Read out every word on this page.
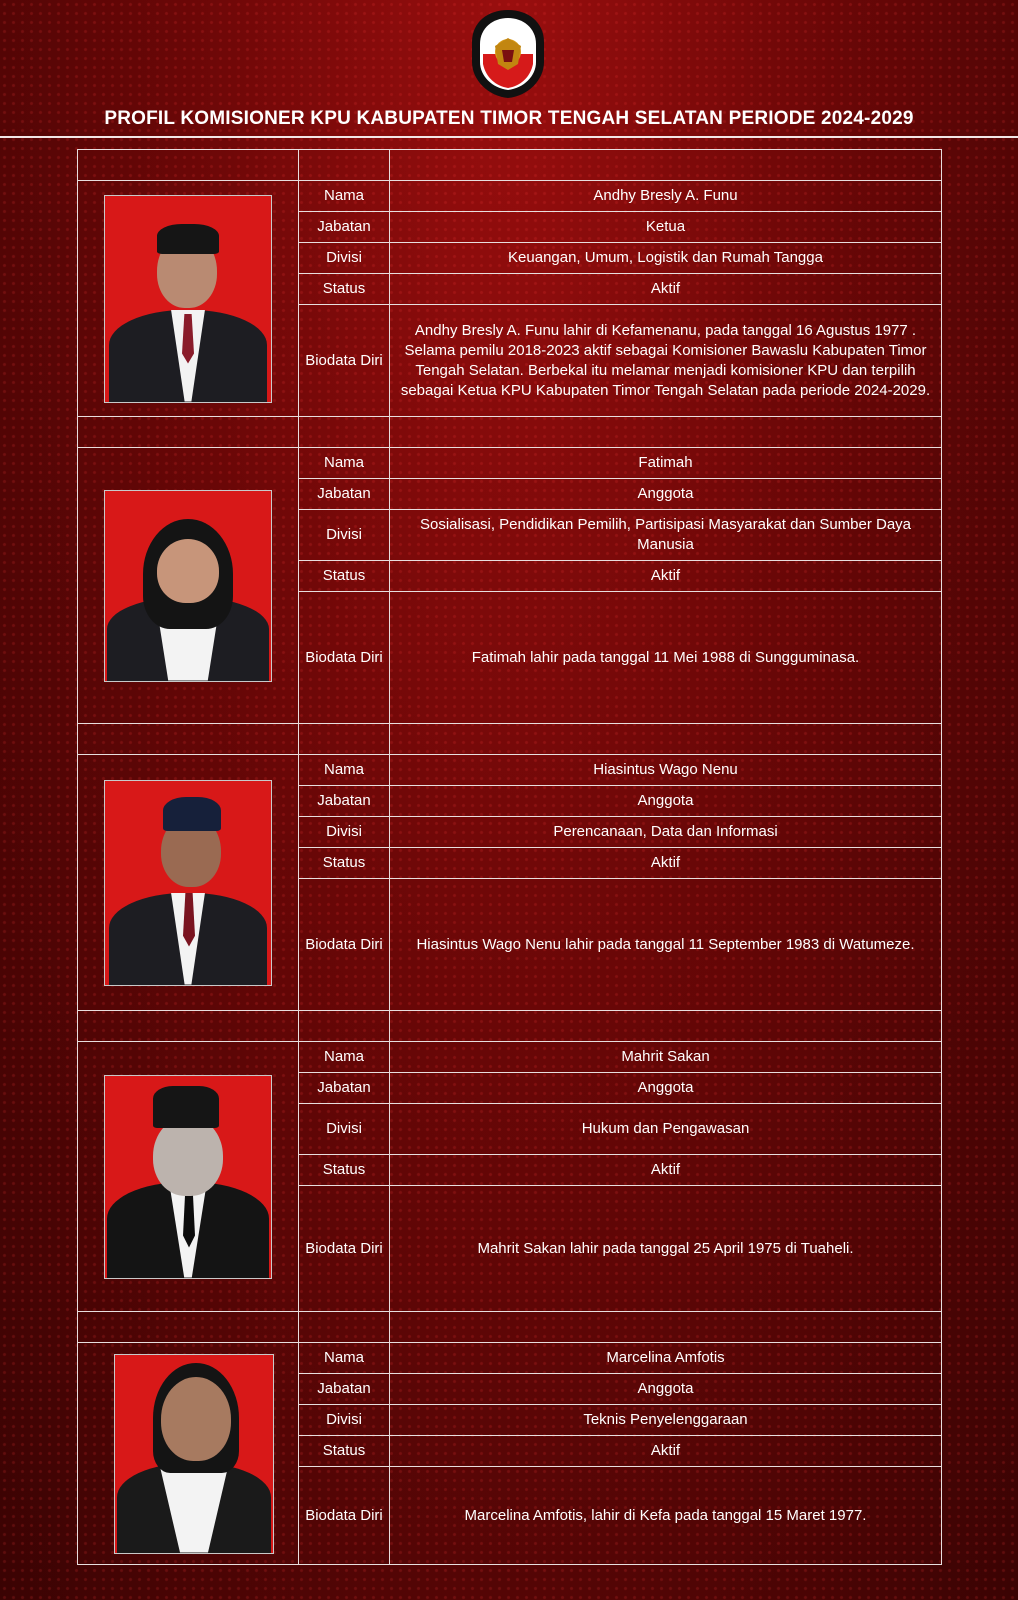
PROFIL KOMISIONER KPU KABUPATEN TIMOR TENGAH SELATAN PERIODE 2024-2029

	Nama	Andhy Bresly A. Funu
	Jabatan	Ketua
	Divisi	Keuangan, Umum, Logistik dan Rumah Tangga
	Status	Aktif
	Biodata Diri	Andhy Bresly A. Funu lahir di Kefamenanu, pada tanggal 16 Agustus 1977 . Selama pemilu 2018-2023 aktif sebagai Komisioner Bawaslu Kabupaten Timor Tengah Selatan. Berbekal itu melamar menjadi komisioner KPU dan terpilih sebagai Ketua KPU Kabupaten Timor Tengah Selatan pada periode 2024-2029.

	Nama	Fatimah
	Jabatan	Anggota
	Divisi	Sosialisasi, Pendidikan Pemilih, Partisipasi Masyarakat dan Sumber Daya Manusia
	Status	Aktif
	Biodata Diri	Fatimah lahir pada tanggal 11 Mei 1988 di Sungguminasa.

	Nama	Hiasintus Wago Nenu
	Jabatan	Anggota
	Divisi	Perencanaan, Data dan Informasi
	Status	Aktif
	Biodata Diri	Hiasintus Wago Nenu lahir pada tanggal 11 September 1983 di Watumeze.

	Nama	Mahrit Sakan
	Jabatan	Anggota
	Divisi	Hukum dan Pengawasan
	Status	Aktif
	Biodata Diri	Mahrit Sakan lahir pada tanggal 25 April 1975 di Tuaheli.

	Nama	Marcelina Amfotis
	Jabatan	Anggota
	Divisi	Teknis Penyelenggaraan
	Status	Aktif
	Biodata Diri	Marcelina Amfotis, lahir di Kefa pada tanggal 15 Maret 1977.
